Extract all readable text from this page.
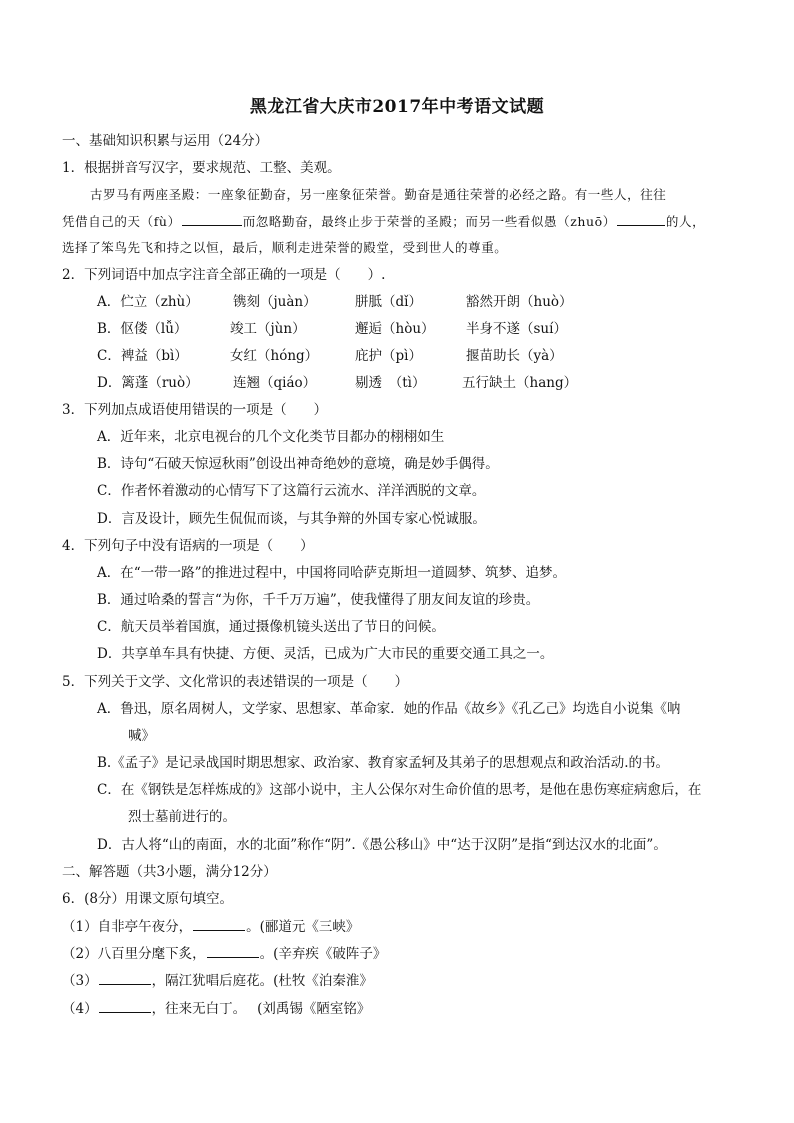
黑龙江省大庆市2017年中考语文试题
一、基础知识积累与运用（24分）
1．根据拼音写汉字，要求规范、工整、美观。
古罗马有两座圣殿：一座象征勤奋，另一座象征荣誉。勤奋是通往荣誉的必经之路。有一些人，往往
凭借自己的天（fù）	而忽略勤奋，最终止步于荣誉的圣殿；而另一些看似愚（zhuō）	的人，
选择了笨鸟先飞和持之以恒，最后，顺利走进荣誉的殿堂，受到世人的尊重。
2．下列词语中加点字注音全部正确的一项是（　　）.
A．伫立（zhù）	镌刻（juàn）	胼胝（dǐ）	豁然开朗（huò）
B．伛偻（lǚ）	竣工（jùn）	邂逅（hòu） 半身不遂（suí）
C．裨益（bì）	女红（hóng）	庇护（pì）	揠苗助长（yà）
D．篱蓬（ruò）	连翘（qiáo）	剔透　（tì）	五行缺土（hang）
3．下列加点成语使用错误的一项是（　　）
A．近年来，北京电视台的几个文化类节目都办的栩栩如生
B．诗句“石破天惊逗秋雨”创设出神奇绝妙的意境，确是妙手偶得。
C．作者怀着激动的心情写下了这篇行云流水、洋洋洒脱的文章。
D．言及设计，顾先生侃侃而谈，与其争辩的外国专家心悦诚服。
4．下列句子中没有语病的一项是（　　）
A．在“一带一路”的推进过程中，中国将同哈萨克斯坦一道圆梦、筑梦、追梦。
B．通过哈桑的誓言“为你，千千万万遍”，使我懂得了朋友间友谊的珍贵。
C．航天员举着国旗，通过摄像机镜头送出了节日的问候。
D．共享单车具有快捷、方便、灵活，已成为广大市民的重要交通工具之一。
5．下列关于文学、文化常识的表述错误的一项是（　　）
A．鲁迅，原名周树人，文学家、思想家、革命家．她的作品《故乡》《孔乙己》均选自小说集《呐
喊》
B.《孟子》是记录战国时期思想家、政治家、教育家孟轲及其弟子的思想观点和政治活动.的书。
C．在《钢铁是怎样炼成的》这部小说中，主人公保尔对生命价值的思考，是他在患伤寒症病愈后，在
烈士墓前进行的。
D．古人将“山的南面，水的北面”称作“阴”.《愚公移山》中“达于汉阴”是指“到达汉水的北面”。
二、解答题（共3小题，满分12分）
6．(8分）用课文原句填空。
（1）自非亭午夜分，	。(郦道元《三峡》
（2）八百里分麾下炙，	。(辛弃疾《破阵子》
（3）	，隔江犹唱后庭花。(杜牧《泊秦淮》
（4）	，往来无白丁。　 (刘禹锡《陋室铭》
